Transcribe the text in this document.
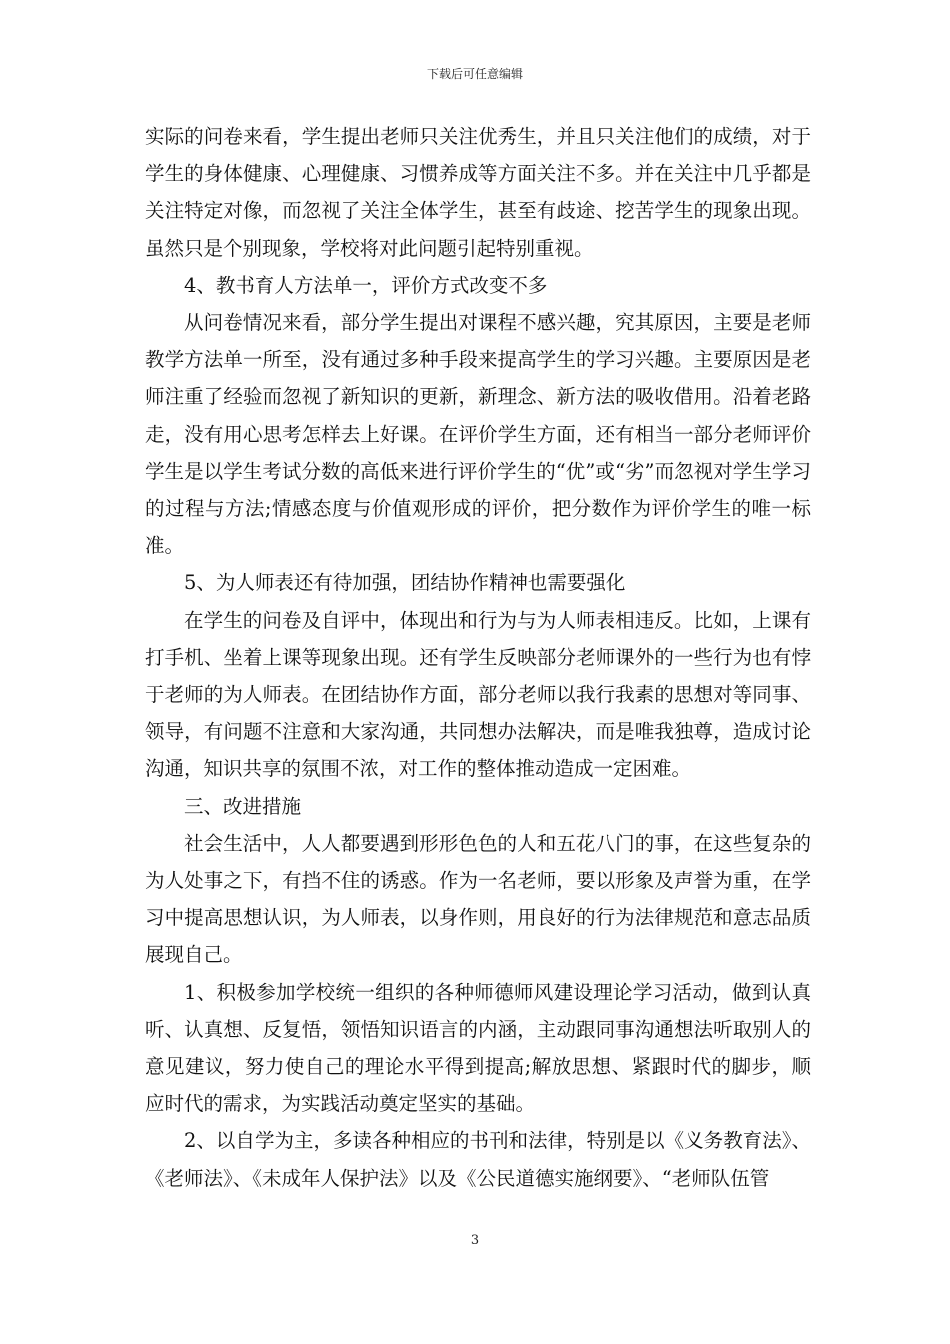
下载后可任意编辑

实际的问卷来看，学生提出老师只关注优秀生，并且只关注他们的成绩，对于学生的身体健康、心理健康、习惯养成等方面关注不多。并在关注中几乎都是关注特定对像，而忽视了关注全体学生，甚至有歧途、挖苦学生的现象出现。虽然只是个别现象，学校将对此问题引起特别重视。

4、教书育人方法单一，评价方式改变不多

从问卷情况来看，部分学生提出对课程不感兴趣，究其原因，主要是老师教学方法单一所至，没有通过多种手段来提高学生的学习兴趣。主要原因是老师注重了经验而忽视了新知识的更新，新理念、新方法的吸收借用。沿着老路走，没有用心思考怎样去上好课。在评价学生方面，还有相当一部分老师评价学生是以学生考试分数的高低来进行评价学生的“优”或“劣”而忽视对学生学习的过程与方法;情感态度与价值观形成的评价，把分数作为评价学生的唯一标准。

5、为人师表还有待加强，团结协作精神也需要强化

在学生的问卷及自评中，体现出和行为与为人师表相违反。比如，上课有打手机、坐着上课等现象出现。还有学生反映部分老师课外的一些行为也有悖于老师的为人师表。在团结协作方面，部分老师以我行我素的思想对等同事、领导，有问题不注意和大家沟通，共同想办法解决，而是唯我独尊，造成讨论沟通，知识共享的氛围不浓，对工作的整体推动造成一定困难。

三、改进措施

社会生活中，人人都要遇到形形色色的人和五花八门的事，在这些复杂的为人处事之下，有挡不住的诱惑。作为一名老师，要以形象及声誉为重，在学习中提高思想认识，为人师表，以身作则，用良好的行为法律规范和意志品质展现自己。

1、积极参加学校统一组织的各种师德师风建设理论学习活动，做到认真听、认真想、反复悟，领悟知识语言的内涵，主动跟同事沟通想法听取别人的意见建议，努力使自己的理论水平得到提高;解放思想、紧跟时代的脚步，顺应时代的需求，为实践活动奠定坚实的基础。

2、以自学为主，多读各种相应的书刊和法律，特别是以《义务教育法》、《老师法》、《未成年人保护法》以及《公民道德实施纲要》、“老师队伍管

3
